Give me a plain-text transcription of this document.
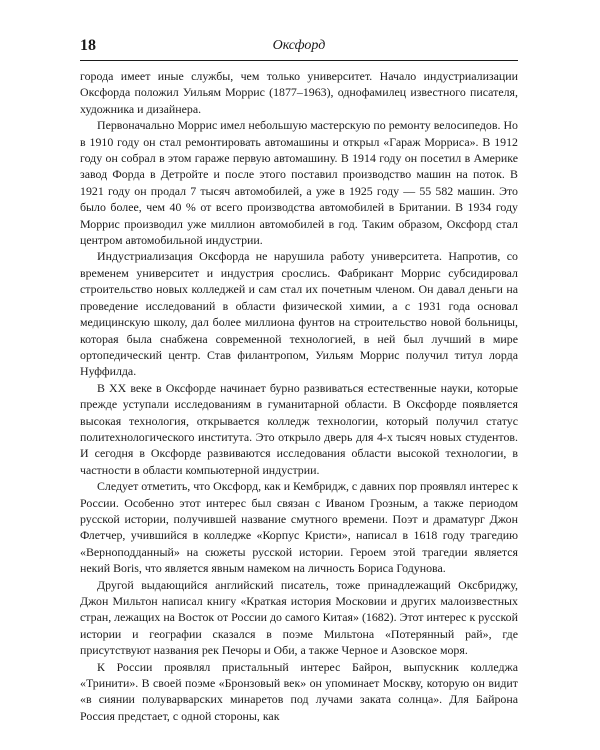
18	Оксфорд

города имеет иные службы, чем только университет. Начало индустриализации Оксфорда положил Уильям Моррис (1877–1963), однофамилец известного писателя, художника и дизайнера.

Первоначально Моррис имел небольшую мастерскую по ремонту велосипедов. Но в 1910 году он стал ремонтировать автомашины и открыл «Гараж Морриса». В 1912 году он собрал в этом гараже первую автомашину. В 1914 году он посетил в Америке завод Форда в Детройте и после этого поставил производство машин на поток. В 1921 году он продал 7 тысяч автомобилей, а уже в 1925 году — 55 582 машин. Это было более, чем 40 % от всего производства автомобилей в Британии. В 1934 году Моррис производил уже миллион автомобилей в год. Таким образом, Оксфорд стал центром автомобильной индустрии.

Индустриализация Оксфорда не нарушила работу университета. Напротив, со временем университет и индустрия срослись. Фабрикант Моррис субсидировал строительство новых колледжей и сам стал их почетным членом. Он давал деньги на проведение исследований в области физической химии, а с 1931 года основал медицинскую школу, дал более миллиона фунтов на строительство новой больницы, которая была снабжена современной технологией, в ней был лучший в мире ортопедический центр. Став филантропом, Уильям Моррис получил титул лорда Нуффилда.

В XX веке в Оксфорде начинает бурно развиваться естественные науки, которые прежде уступали исследованиям в гуманитарной области. В Оксфорде появляется высокая технология, открывается колледж технологии, который получил статус политехнологического института. Это открыло дверь для 4-х тысяч новых студентов. И сегодня в Оксфорде развиваются исследования области высокой технологии, в частности в области компьютерной индустрии.

Следует отметить, что Оксфорд, как и Кембридж, с давних пор проявлял интерес к России. Особенно этот интерес был связан с Иваном Грозным, а также периодом русской истории, получившей название смутного времени. Поэт и драматург Джон Флетчер, учившийся в колледже «Корпус Кристи», написал в 1618 году трагедию «Верноподданный» на сюжеты русской истории. Героем этой трагедии является некий Boris, что является явным намеком на личность Бориса Годунова.

Другой выдающийся английский писатель, тоже принадлежащий Оксбриджу, Джон Мильтон написал книгу «Краткая история Московии и других малоизвестных стран, лежащих на Восток от России до самого Китая» (1682). Этот интерес к русской истории и географии сказался в поэме Мильтона «Потерянный рай», где присутствуют названия рек Печоры и Оби, а также Черное и Азовское моря.

К России проявлял пристальный интерес Байрон, выпускник колледжа «Тринити». В своей поэме «Бронзовый век» он упоминает Москву, которую он видит «в сиянии полуварварских минаретов под лучами заката солнца». Для Байрона Россия предстает, с одной стороны, как
